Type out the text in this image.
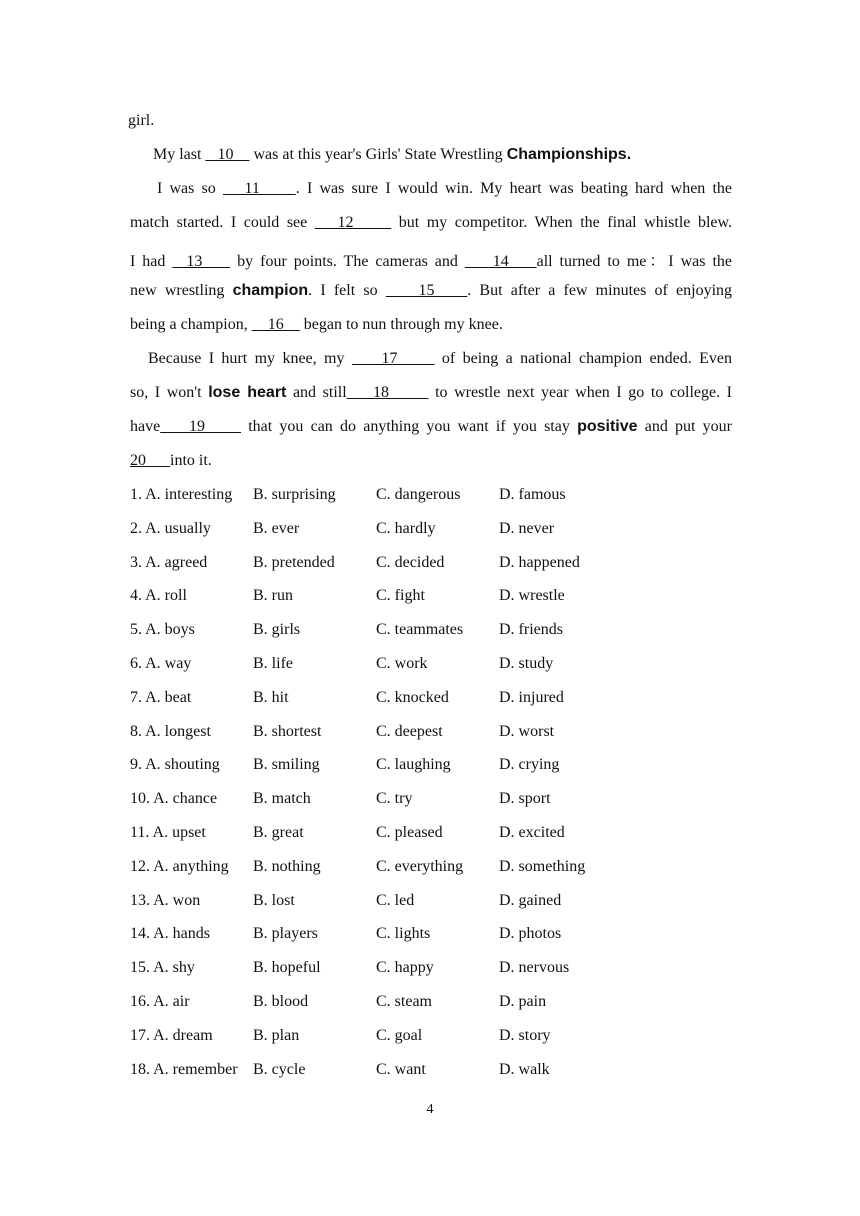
girl.
My last    10     was at this year's Girls' State Wrestling Championships.
I was so    11     . I was sure I would win. My heart was beating hard when the
match started. I could see    12      but my competitor. When the final whistle blew.
I had   13     by four points. The cameras and     14    all turned to me：I was the
new wrestling champion. I felt so     15    . But after a few minutes of enjoying
being a champion,     16     began to nun through my knee.
Because I hurt my knee, my     17      of being a national champion ended. Even
so, I won't lose heart and still    18       to wrestle next year when I go to college. I
have    19      that you can do anything you want if you stay positive and put your
20      into it.
1. A. interesting B. surprising	C. dangerous D. famous
2. A. usually	B. ever	C. hardly	D. never
3. A. agreed	B. pretended	C. decided	D. happened
4. A. roll	B. run	C. fight	D. wrestle
5. A. boys	B. girls	C. teammates D. friends
6. A. way	B. life	C. work	D. study
7. A. beat	B. hit	C. knocked	D. injured
8. A. longest	B. shortest	C. deepest	D. worst
9. A. shouting B. smiling	C. laughing	D. crying
10. A. chance B. match	C. try	D. sport
11. A. upset	B. great	C. pleased	D. excited
12. A. anything B. nothing	C. everything D. something
13. A. won	B. lost	C. led	D. gained
14. A. hands	B. players	C. lights	D. photos
15. A. shy	B. hopeful	C. happy	D. nervous
16. A. air	B. blood	C. steam	D. pain
17. A. dream	B. plan	C. goal	D. story
18. A. remember B. cycle	C. want	D. walk
4
